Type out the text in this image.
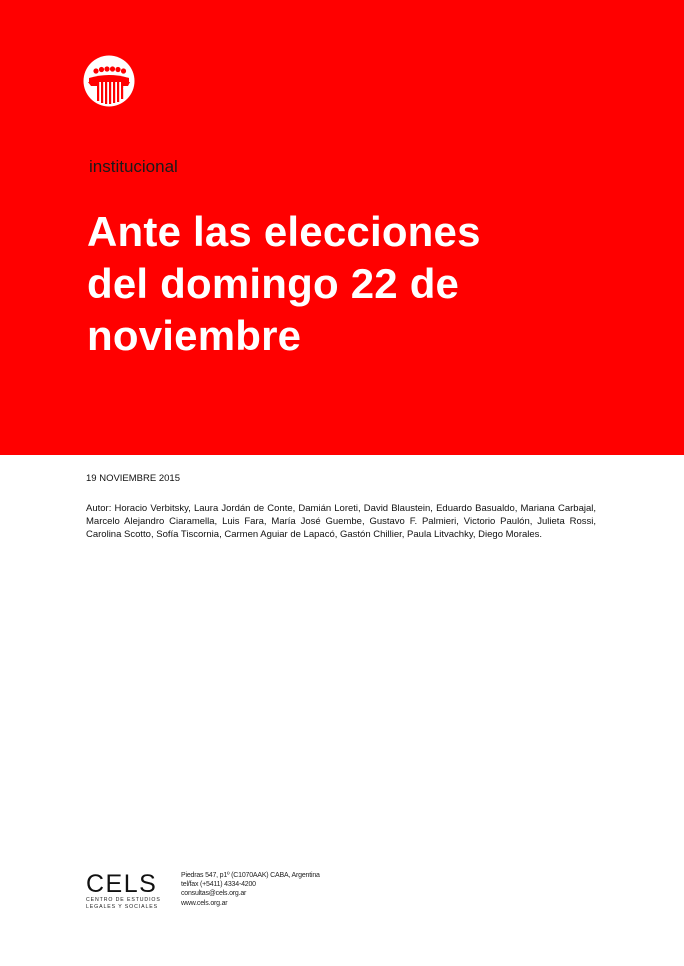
institucional
Ante las elecciones
del domingo 22 de
noviembre
19 NOVIEMBRE 2015
Autor: Horacio Verbitsky, Laura Jordán de Conte, Damián Loreti, David Blaustein, Eduardo Basualdo, Mariana Carbajal, Marcelo Alejandro Ciaramella, Luis Fara, María José Guembe, Gustavo F. Palmieri, Victorio Paulón, Julieta Rossi, Carolina Scotto, Sofía Tiscornia, Carmen Aguiar de Lapacó, Gastón Chillier, Paula Litvachky, Diego Morales.
CELS
CENTRO DE ESTUDIOS
LEGALES Y SOCIALES
Piedras 547, p1º (C1070AAK) CABA, Argentina
tel/fax (+5411) 4334-4200
consultas@cels.org.ar
www.cels.org.ar
